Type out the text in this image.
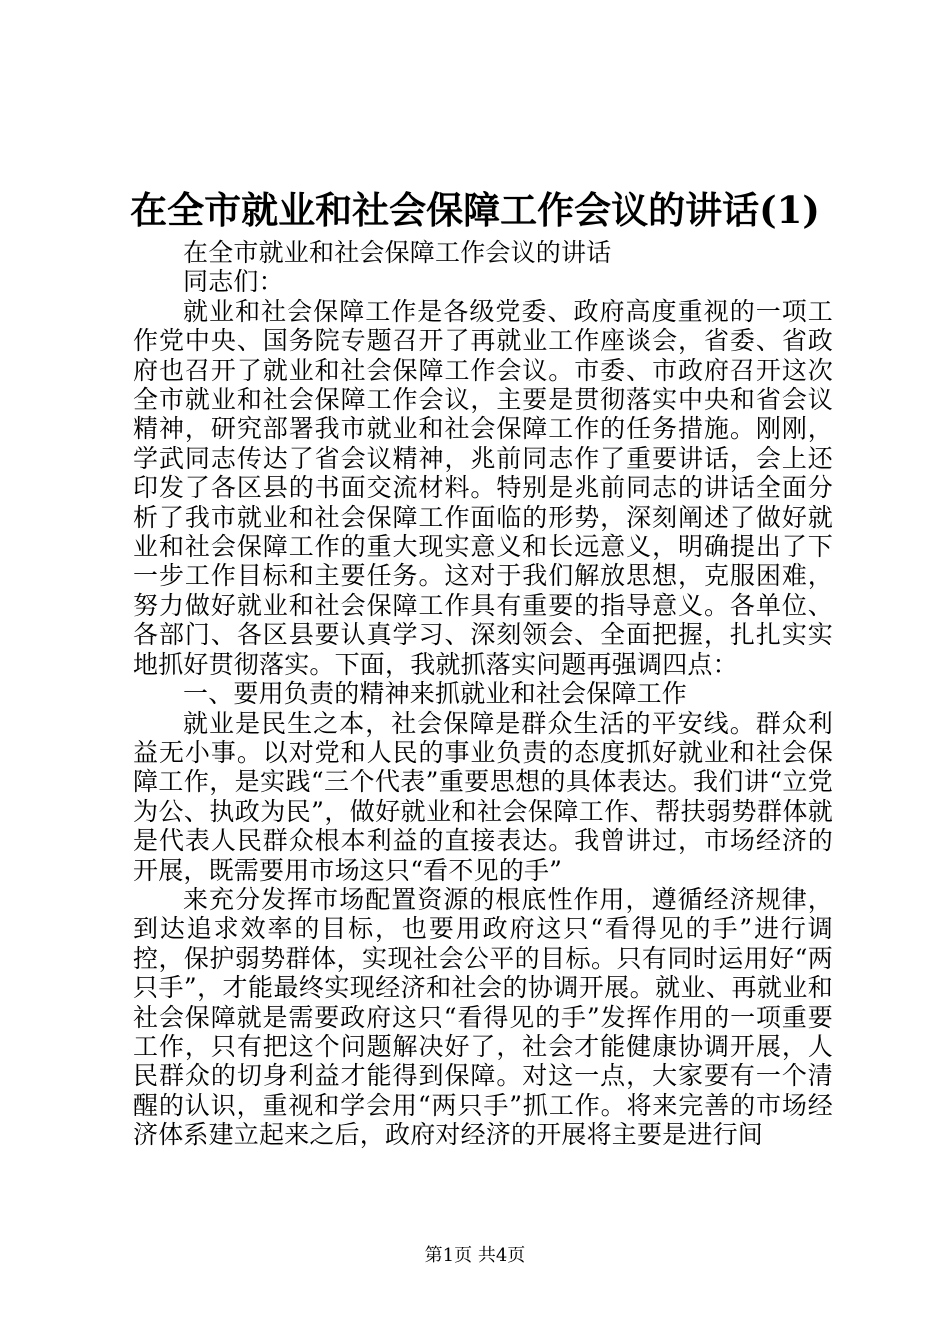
在全市就业和社会保障工作会议的讲话(1)

在全市就业和社会保障工作会议的讲话

同志们：

就业和社会保障工作是各级党委、政府高度重视的一项工作党中央、国务院专题召开了再就业工作座谈会，省委、省政府也召开了就业和社会保障工作会议。市委、市政府召开这次全市就业和社会保障工作会议，主要是贯彻落实中央和省会议精神，研究部署我市就业和社会保障工作的任务措施。刚刚，学武同志传达了省会议精神，兆前同志作了重要讲话，会上还印发了各区县的书面交流材料。特别是兆前同志的讲话全面分析了我市就业和社会保障工作面临的形势，深刻阐述了做好就业和社会保障工作的重大现实意义和长远意义，明确提出了下一步工作目标和主要任务。这对于我们解放思想，克服困难，努力做好就业和社会保障工作具有重要的指导意义。各单位、各部门、各区县要认真学习、深刻领会、全面把握，扎扎实实地抓好贯彻落实。下面，我就抓落实问题再强调四点：

一、要用负责的精神来抓就业和社会保障工作

就业是民生之本，社会保障是群众生活的平安线。群众利益无小事。以对党和人民的事业负责的态度抓好就业和社会保障工作，是实践“三个代表”重要思想的具体表达。我们讲“立党为公、执政为民”，做好就业和社会保障工作、帮扶弱势群体就是代表人民群众根本利益的直接表达。我曾讲过，市场经济的开展，既需要用市场这只“看不见的手”

来充分发挥市场配置资源的根底性作用，遵循经济规律，到达追求效率的目标，也要用政府这只“看得见的手”进行调控，保护弱势群体，实现社会公平的目标。只有同时运用好“两只手”，才能最终实现经济和社会的协调开展。就业、再就业和社会保障就是需要政府这只“看得见的手”发挥作用的一项重要工作，只有把这个问题解决好了，社会才能健康协调开展，人民群众的切身利益才能得到保障。对这一点，大家要有一个清醒的认识，重视和学会用“两只手”抓工作。将来完善的市场经济体系建立起来之后，政府对经济的开展将主要是进行间

第1页 共4页
